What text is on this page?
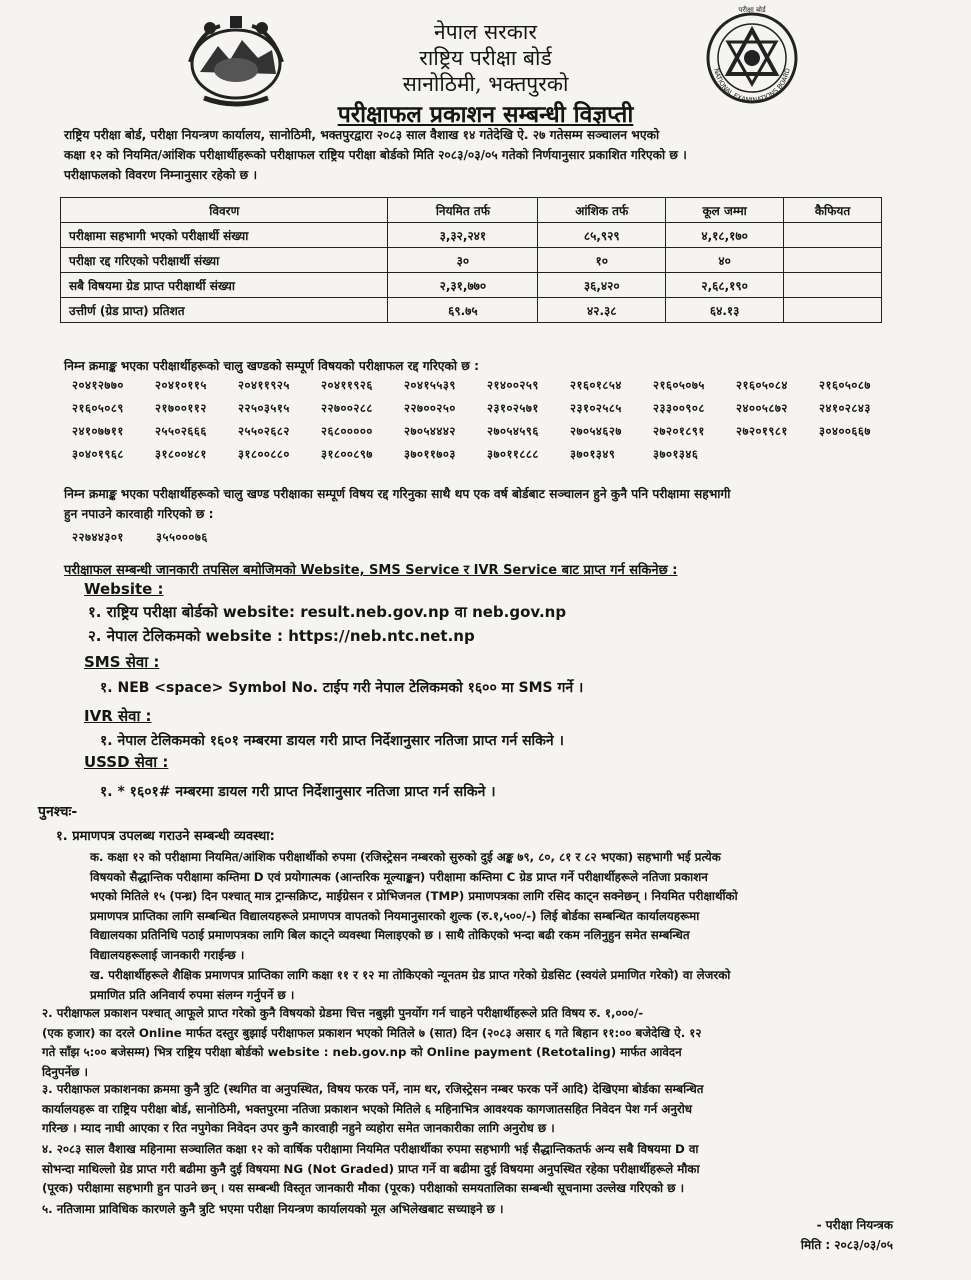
परीक्षा बोर्ड
NATIONAL EXAMINATIONS BOARD
नेपाल सरकार
राष्ट्रिय परीक्षा बोर्ड
सानोठिमी, भक्तपुरको
परीक्षाफल प्रकाशन सम्बन्धी विज्ञप्ती
राष्ट्रिय परीक्षा बोर्ड, परीक्षा नियन्त्रण कार्यालय, सानोठिमी, भक्तपुरद्वारा २०८३ साल वैशाख १४ गतेदेखि ऐ. २७ गतेसम्म सञ्चालन भएको
कक्षा १२ को नियमित/आंशिक परीक्षार्थीहरूको परीक्षाफल राष्ट्रिय परीक्षा बोर्डको मिति २०८३/०३/०५ गतेको निर्णयानुसार प्रकाशित गरिएको छ ।
परीक्षाफलको विवरण निम्नानुसार रहेको छ ।
विवरण	नियमित तर्फ	आंशिक तर्फ	कूल जम्मा	कैफियत
परीक्षामा सहभागी भएको परीक्षार्थी संख्या	३,३२,२४१	८५,९२९	४,१८,१७०	
परीक्षा रद्द गरिएको परीक्षार्थी संख्या	३०	१०	४०	
सबै विषयमा ग्रेड प्राप्त परीक्षार्थी संख्या	२,३१,७७०	३६,४२०	२,६८,१९०	
उत्तीर्ण (ग्रेड प्राप्त) प्रतिशत	६९.७५	४२.३८	६४.१३	
निम्न क्रमाङ्क भएका परीक्षार्थीहरूको चालु खण्डको सम्पूर्ण विषयको परीक्षाफल रद्द गरिएको छ :
२०४१२७७०	२०४१०११५	२०४११९२५	२०४११९२६	२०४१५५३९	२१४००२५९	२१६०१८५४	२१६०५०७५	२१६०५०८४	२१६०५०८७
२१६०५०८९	२१७००११२	२२५०३५१५	२२७००२८८	२२७००२५०	२३१०२५७१	२३१०२५८५	२३३००९०८	२४००५८७२	२४१०२८४३
२४१०७७११	२५५०२६६६	२५५०२६८२	२६८०००००	२७०५४४४२	२७०५४५९६	२७०५४६२७	२७२०१८९१	२७२०१९८१	३०४००६६७
३०४०१९६८	३१८००४८१	३१८००८८०	३१८००८९७	३७०११७०३	३७०११८८८	३७०१३४९	३७०१३४६
निम्न क्रमाङ्क भएका परीक्षार्थीहरूको चालु खण्ड परीक्षाका सम्पूर्ण विषय रद्द गरिनुका साथै थप एक वर्ष बोर्डबाट सञ्चालन हुने कुनै पनि परीक्षामा सहभागी
हुन नपाउने कारवाही गरिएको छ :
२२७४४३०१	३५५०००७६
परीक्षाफल सम्बन्धी जानकारी तपसिल बमोजिमको Website, SMS Service र IVR Service बाट प्राप्त गर्न सकिनेछ :
Website :
१. राष्ट्रिय परीक्षा बोर्डको website: result.neb.gov.np वा neb.gov.np
२. नेपाल टेलिकमको website : https://neb.ntc.net.np
SMS सेवा :
१. NEB <space> Symbol No. टाईप गरी नेपाल टेलिकमको १६०० मा SMS गर्ने ।
IVR सेवा :
१. नेपाल टेलिकमको १६०१ नम्बरमा डायल गरी प्राप्त निर्देशानुसार नतिजा प्राप्त गर्न सकिने ।
USSD सेवा :
१. * १६०१# नम्बरमा डायल गरी प्राप्त निर्देशानुसार नतिजा प्राप्त गर्न सकिने ।
पुनश्चः-
१. प्रमाणपत्र उपलब्ध गराउने सम्बन्धी व्यवस्था:
क. कक्षा १२ को परीक्षामा नियमित/आंशिक परीक्षार्थीको रुपमा (रजिस्ट्रेसन नम्बरको सुरुको दुई अङ्क ७९, ८०, ८१ र ८२ भएका) सहभागी भई प्रत्येक
विषयको सैद्धान्तिक परीक्षामा कम्तिमा D एवं प्रयोगात्मक (आन्तरिक मूल्याङ्कन) परीक्षामा कम्तिमा C ग्रेड प्राप्त गर्ने परीक्षार्थीहरूले नतिजा प्रकाशन
भएको मितिले १५ (पन्ध्र) दिन पश्चात् मात्र ट्रान्सक्रिप्ट, माईग्रेसन र प्रोभिजनल (TMP) प्रमाणपत्रका लागि रसिद काट्न सक्नेछन् । नियमित परीक्षार्थीको
प्रमाणपत्र प्राप्तिका लागि सम्बन्धित विद्यालयहरूले प्रमाणपत्र वापतको नियमानुसारको शुल्क (रु.१,५००/-) लिई बोर्डका सम्बन्धित कार्यालयहरूमा
विद्यालयका प्रतिनिधि पठाई प्रमाणपत्रका लागि बिल काट्ने व्यवस्था मिलाइएको छ । साथै तोकिएको भन्दा बढी रकम नलिनुहुन समेत सम्बन्धित
विद्यालयहरूलाई जानकारी गराईन्छ ।
ख. परीक्षार्थीहरूले शैक्षिक प्रमाणपत्र प्राप्तिका लागि कक्षा ११ र १२ मा तोकिएको न्यूनतम ग्रेड प्राप्त गरेको ग्रेडसिट (स्वयंले प्रमाणित गरेको) वा लेजरको
प्रमाणित प्रति अनिवार्य रुपमा संलग्न गर्नुपर्ने छ ।
२. परीक्षाफल प्रकाशन पश्चात् आफूले प्राप्त गरेको कुनै विषयको ग्रेडमा चित्त नबुझी पुनर्योग गर्न चाहने परीक्षार्थीहरूले प्रति विषय रु. १,०००/-
(एक हजार) का दरले Online मार्फत दस्तुर बुझाई परीक्षाफल प्रकाशन भएको मितिले ७ (सात) दिन (२०८३ असार ६ गते बिहान ११:०० बजेदेखि ऐ. १२
गते साँझ ५:०० बजेसम्म) भित्र राष्ट्रिय परीक्षा बोर्डको website : neb.gov.np को Online payment (Retotaling) मार्फत आवेदन
दिनुपर्नेछ ।
३. परीक्षाफल प्रकाशनका क्रममा कुनै त्रुटि (स्थगित वा अनुपस्थित, विषय फरक पर्ने, नाम थर, रजिस्ट्रेसन नम्बर फरक पर्ने आदि) देखिएमा बोर्डका सम्बन्धित
कार्यालयहरू वा राष्ट्रिय परीक्षा बोर्ड, सानोठिमी, भक्तपुरमा नतिजा प्रकाशन भएको मितिले ६ महिनाभित्र आवश्यक कागजातसहित निवेदन पेश गर्न अनुरोध
गरिन्छ । म्याद नाघी आएका र रित नपुगेका निवेदन उपर कुनै कारवाही नहुने व्यहोरा समेत जानकारीका लागि अनुरोध छ ।
४. २०८३ साल वैशाख महिनामा सञ्चालित कक्षा १२ को वार्षिक परीक्षामा नियमित परीक्षार्थीका रुपमा सहभागी भई सैद्धान्तिकतर्फ अन्य सबै विषयमा D वा
सोभन्दा माथिल्लो ग्रेड प्राप्त गरी बढीमा कुनै दुई विषयमा NG (Not Graded) प्राप्त गर्ने वा बढीमा दुई विषयमा अनुपस्थित रहेका परीक्षार्थीहरूले मौका
(पूरक) परीक्षामा सहभागी हुन पाउने छन् । यस सम्बन्धी विस्तृत जानकारी मौका (पूरक) परीक्षाको समयतालिका सम्बन्धी सूचनामा उल्लेख गरिएको छ ।
५. नतिजामा प्राविधिक कारणले कुनै त्रुटि भएमा परीक्षा नियन्त्रण कार्यालयको मूल अभिलेखबाट सच्याइने छ ।
- परीक्षा नियन्त्रक
मिति : २०८३/०३/०५
